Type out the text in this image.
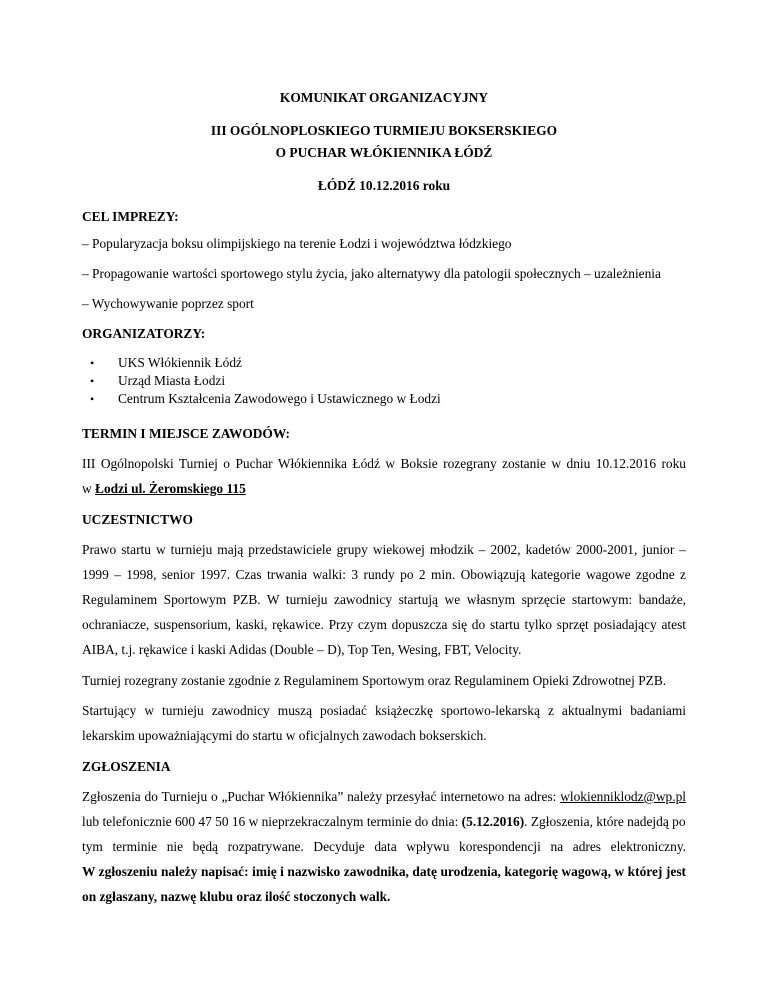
KOMUNIKAT ORGANIZACYJNY
III OGÓLNOPLOSKIEGO TURMIEJU BOKSERSKIEGO
O PUCHAR WŁÓKIENNIKA ŁÓDŹ
ŁÓDŹ 10.12.2016 roku
CEL IMPREZY:
– Popularyzacja boksu olimpijskiego na terenie Łodzi i województwa łódzkiego
– Propagowanie wartości sportowego stylu życia, jako alternatywy dla patologii społecznych – uzależnienia
– Wychowywanie poprzez sport
ORGANIZATORZY:
• UKS Włókiennik Łódź
• Urząd Miasta Łodzi
• Centrum Kształcenia Zawodowego i Ustawicznego w Łodzi
TERMIN I MIEJSCE ZAWODÓW:
III Ogólnopolski Turniej o Puchar Włókiennika Łódź w Boksie rozegrany zostanie w dniu 10.12.2016 roku
w Łodzi ul. Żeromskiego 115
UCZESTNICTWO
Prawo startu w turnieju mają przedstawiciele grupy wiekowej młodzik – 2002, kadetów 2000-2001, junior –
1999 – 1998, senior 1997. Czas trwania walki: 3 rundy po 2 min. Obowiązują kategorie wagowe zgodne z
Regulaminem Sportowym PZB. W turnieju zawodnicy startują we własnym sprzęcie startowym: bandaże,
ochraniacze, suspensorium, kaski, rękawice. Przy czym dopuszcza się do startu tylko sprzęt posiadający atest
AIBA, t.j. rękawice i kaski Adidas (Double – D), Top Ten, Wesing, FBT, Velocity.
Turniej rozegrany zostanie zgodnie z Regulaminem Sportowym oraz Regulaminem Opieki Zdrowotnej PZB.
Startujący w turnieju zawodnicy muszą posiadać książeczkę sportowo-lekarską z aktualnymi badaniami
lekarskim upoważniającymi do startu w oficjalnych zawodach bokserskich.
ZGŁOSZENIA
Zgłoszenia do Turnieju o „Puchar Włókiennika” należy przesyłać internetowo na adres: wlokienniklodz@wp.pl
lub telefonicznie 600 47 50 16 w nieprzekraczalnym terminie do dnia: (5.12.2016). Zgłoszenia, które nadejdą po
tym terminie nie będą rozpatrywane. Decyduje data wpływu korespondencji na adres elektroniczny.
W zgłoszeniu należy napisać: imię i nazwisko zawodnika, datę urodzenia, kategorię wagową, w której jest
on zgłaszany, nazwę klubu oraz ilość stoczonych walk.
